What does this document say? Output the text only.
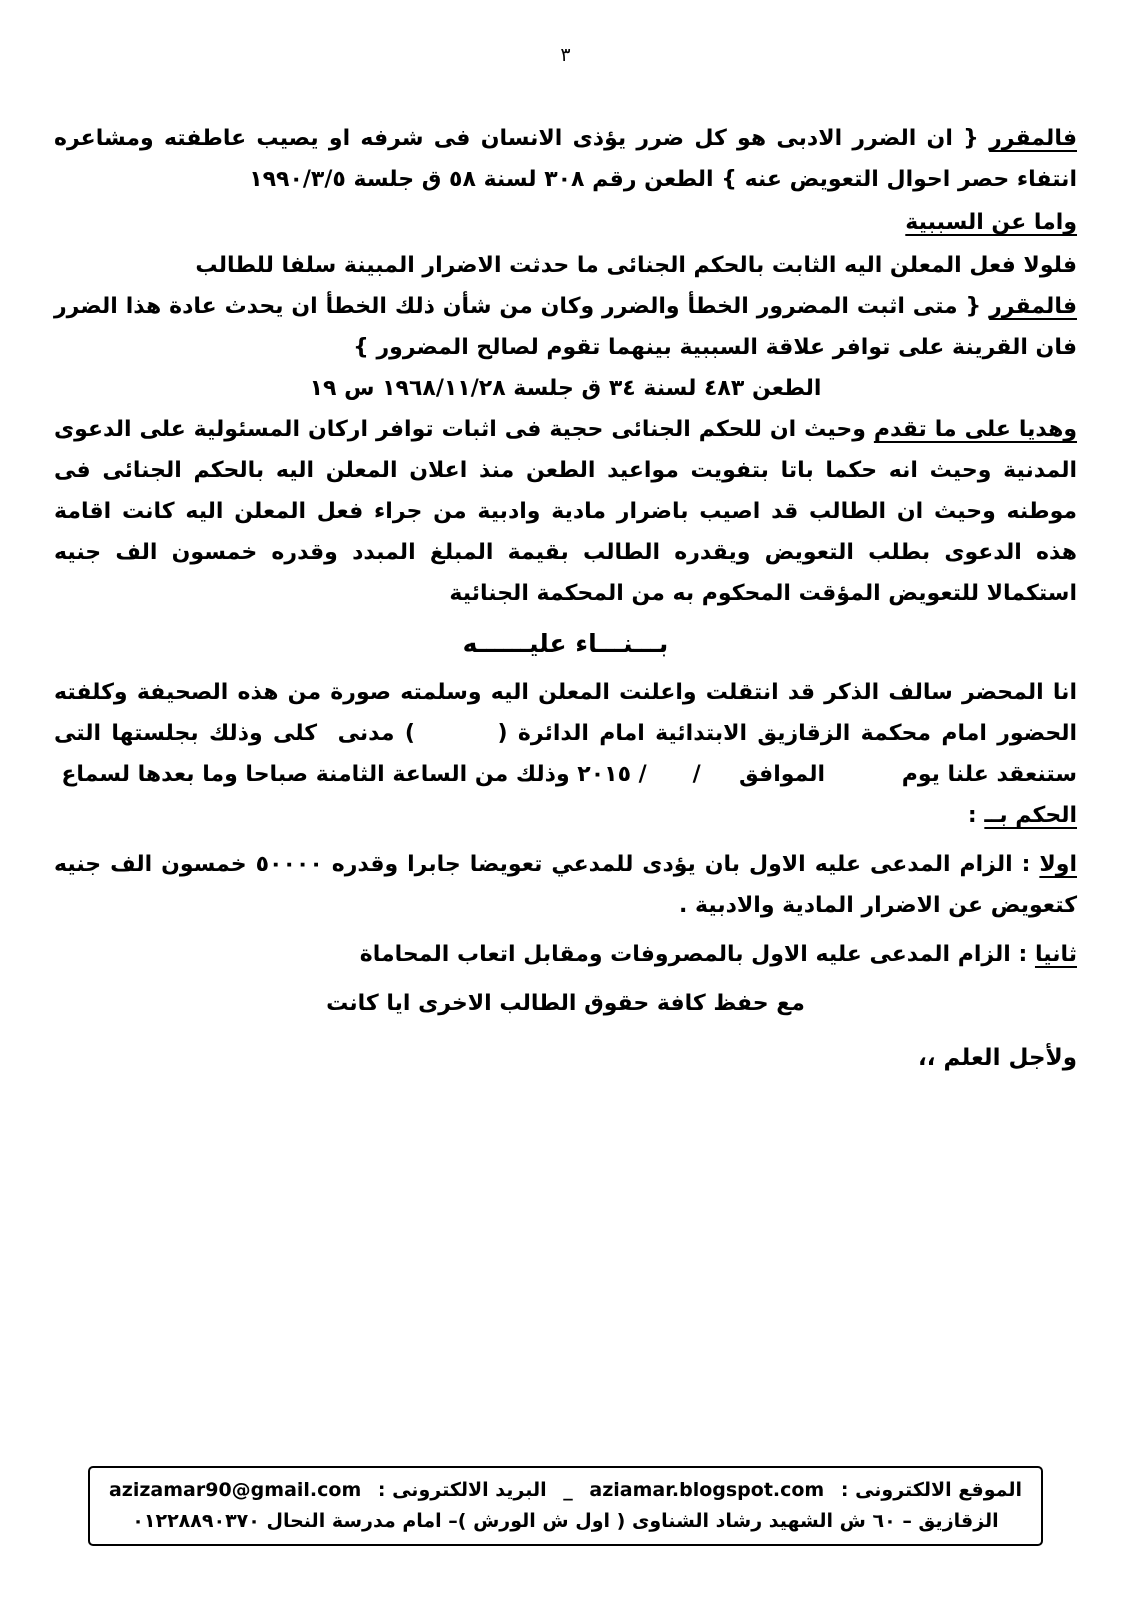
٣

فالمقرر { ان الضرر الادبى هو كل ضرر يؤذى الانسان فى شرفه او يصيب عاطفته ومشاعره انتفاء حصر احوال التعويض عنه } الطعن رقم ٣٠٨ لسنة ٥٨ ق جلسة ١٩٩٠/٣/٥

واما عن السببية

فلولا فعل المعلن اليه الثابت بالحكم الجنائى ما حدثت الاضرار المبينة سلفا للطالب

فالمقرر { متى اثبت المضرور الخطأ والضرر وكان من شأن ذلك الخطأ ان يحدث عادة هذا الضرر فان القرينة على توافر علاقة السببية بينهما تقوم لصالح المضرور }

الطعن ٤٨٣ لسنة ٣٤ ق جلسة ١٩٦٨/١١/٢٨ س ١٩

وهديا على ما تقدم وحيث ان للحكم الجنائى حجية فى اثبات توافر اركان المسئولية على الدعوى المدنية وحيث انه حكما باتا بتفويت مواعيد الطعن منذ اعلان المعلن اليه بالحكم الجنائى فى موطنه وحيث ان الطالب قد اصيب باضرار مادية وادبية من جراء فعل المعلن اليه كانت اقامة هذه الدعوى بطلب التعويض ويقدره الطالب بقيمة المبلغ المبدد وقدره خمسون الف جنيه استكمالا للتعويض المؤقت المحكوم به من المحكمة الجنائية

بـــنـــاء عليــــــه

انا المحضر سالف الذكر قد انتقلت واعلنت المعلن اليه وسلمته صورة من هذه الصحيفة وكلفته الحضور امام محكمة الزقازيق الابتدائية امام الدائرة (        ) مدنى  كلى وذلك بجلستها التى ستنعقد علنا يوم          الموافق     /      / ٢٠١٥ وذلك من الساعة الثامنة صباحا وما بعدها لسماع

الحكم بــ :

اولا : الزام المدعى عليه الاول بان يؤدى للمدعي تعويضا جابرا وقدره ٥٠٠٠٠ خمسون الف جنيه كتعويض عن الاضرار المادية والادبية .

ثانيا : الزام المدعى عليه الاول بالمصروفات ومقابل اتعاب المحاماة

مع حفظ كافة حقوق الطالب الاخرى ايا كانت

ولأجل العلم ،،

الموقع الالكترونى : aziamar.blogspot.com _ البريد الالكترونى : azizamar90@gmail.com
الزقازيق – ٦٠ ش الشهيد رشاد الشناوى ( اول ش الورش )– امام مدرسة النحال ٠١٢٢٨٨٩٠٣٧٠
